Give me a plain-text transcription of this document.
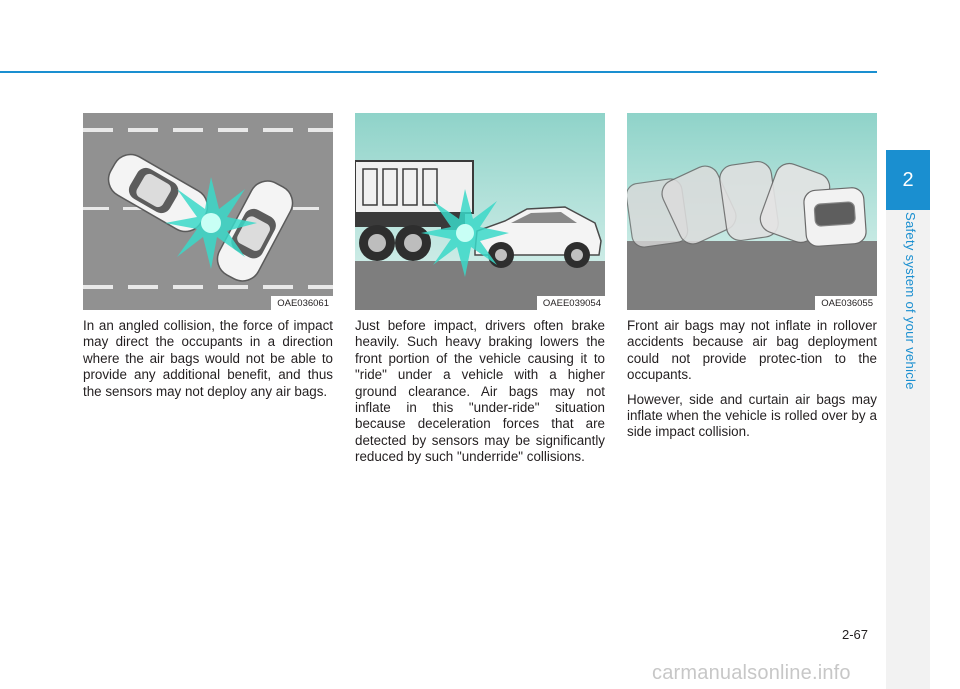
2
Safety system of your vehicle
OAE036061

In an angled collision, the force of impact may direct the occupants in a direction where the air bags would not be able to provide any additional benefit, and thus the sensors may not deploy any air bags.

OAEE039054

Just before impact, drivers often brake heavily. Such heavy braking lowers the front portion of the vehicle causing it to "ride" under a vehicle with a higher ground clearance. Air bags may not inflate in this "under-ride" situation because deceleration forces that are detected by sensors may be significantly reduced by such "underride" collisions.

OAE036055

Front air bags may not inflate in rollover accidents because air bag deployment could not provide protec-tion to the occupants.

However, side and curtain air bags may inflate when the vehicle is rolled over by a side impact collision.

2-67
carmanualsonline.info
